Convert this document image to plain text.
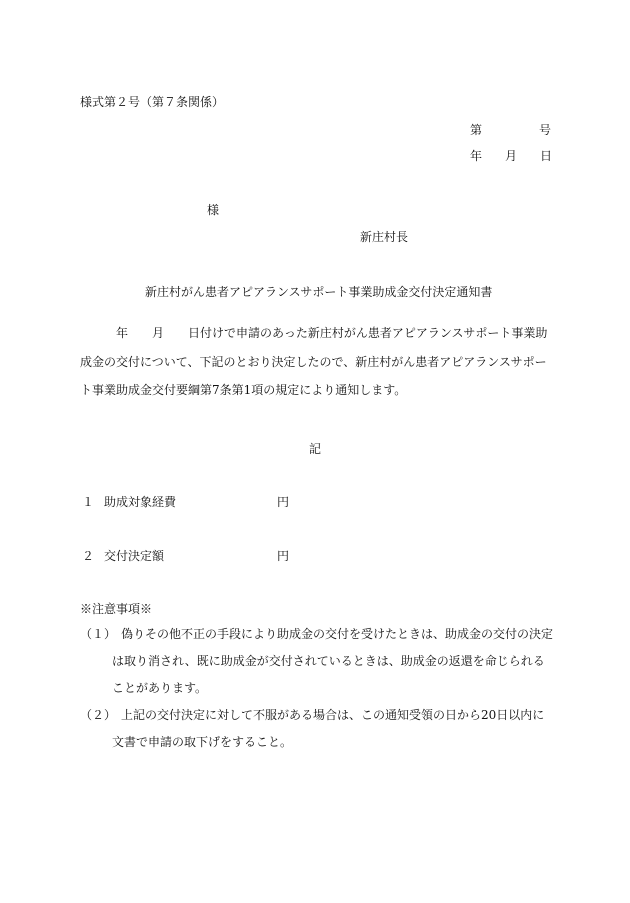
様式第２号（第７条関係）
第	号
年 月 日
様
新庄村長
新庄村がん患者アピアランスサポート事業助成金交付決定通知書
年 月 日付けで申請のあった新庄村がん患者アピアランスサポート事業助成金の交付について、下記のとおり決定したので、新庄村がん患者アピアランスサポート事業助成金交付要綱第7条第1項の規定により通知します。
記
１ 助成対象経費	円
２ 交付決定額	円
※注意事項※
（１） 偽りその他不正の手段により助成金の交付を受けたときは、助成金の交付の決定は取り消され、既に助成金が交付されているときは、助成金の返還を命じられることがあります。
（２） 上記の交付決定に対して不服がある場合は、この通知受領の日から20日以内に文書で申請の取下げをすること。
